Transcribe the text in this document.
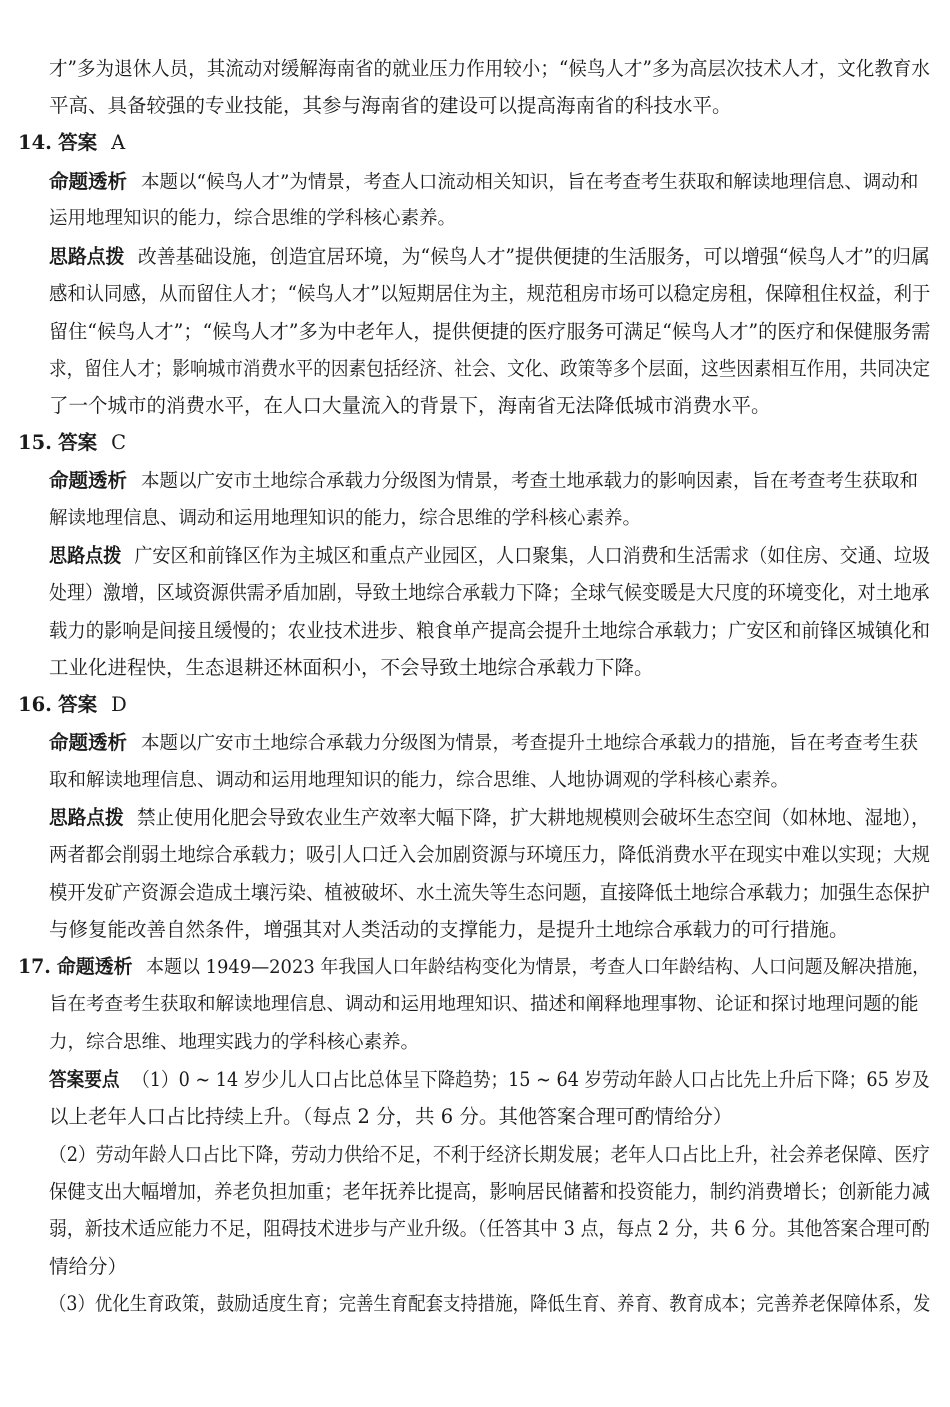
才”多为退休人员，其流动对缓解海南省的就业压力作用较小；“候鸟人才”多为高层次技术人才，文化教育水
平高、具备较强的专业技能，其参与海南省的建设可以提高海南省的科技水平。
14. 答案 A
命题透析 本题以“候鸟人才”为情景，考查人口流动相关知识，旨在考查考生获取和解读地理信息、调动和
运用地理知识的能力，综合思维的学科核心素养。
思路点拨 改善基础设施，创造宜居环境，为“候鸟人才”提供便捷的生活服务，可以增强“候鸟人才”的归属
感和认同感，从而留住人才；“候鸟人才”以短期居住为主，规范租房市场可以稳定房租，保障租住权益，利于
留住“候鸟人才”；“候鸟人才”多为中老年人，提供便捷的医疗服务可满足“候鸟人才”的医疗和保健服务需
求，留住人才；影响城市消费水平的因素包括经济、社会、文化、政策等多个层面，这些因素相互作用，共同决定
了一个城市的消费水平，在人口大量流入的背景下，海南省无法降低城市消费水平。
15. 答案 C
命题透析 本题以广安市土地综合承载力分级图为情景，考查土地承载力的影响因素，旨在考查考生获取和
解读地理信息、调动和运用地理知识的能力，综合思维的学科核心素养。
思路点拨 广安区和前锋区作为主城区和重点产业园区，人口聚集，人口消费和生活需求（如住房、交通、垃圾
处理）激增，区域资源供需矛盾加剧，导致土地综合承载力下降；全球气候变暖是大尺度的环境变化，对土地承
载力的影响是间接且缓慢的；农业技术进步、粮食单产提高会提升土地综合承载力；广安区和前锋区城镇化和
工业化进程快，生态退耕还林面积小，不会导致土地综合承载力下降。
16. 答案 D
命题透析 本题以广安市土地综合承载力分级图为情景，考查提升土地综合承载力的措施，旨在考查考生获
取和解读地理信息、调动和运用地理知识的能力，综合思维、人地协调观的学科核心素养。
思路点拨 禁止使用化肥会导致农业生产效率大幅下降，扩大耕地规模则会破坏生态空间（如林地、湿地），
两者都会削弱土地综合承载力；吸引人口迁入会加剧资源与环境压力，降低消费水平在现实中难以实现；大规
模开发矿产资源会造成土壤污染、植被破坏、水土流失等生态问题，直接降低土地综合承载力；加强生态保护
与修复能改善自然条件，增强其对人类活动的支撑能力，是提升土地综合承载力的可行措施。
17. 命题透析 本题以 1949—2023 年我国人口年龄结构变化为情景，考查人口年龄结构、人口问题及解决措施，
旨在考查考生获取和解读地理信息、调动和运用地理知识、描述和阐释地理事物、论证和探讨地理问题的能
力，综合思维、地理实践力的学科核心素养。
答案要点 （1）0 ~ 14 岁少儿人口占比总体呈下降趋势；15 ~ 64 岁劳动年龄人口占比先上升后下降；65 岁及
以上老年人口占比持续上升。（每点 2 分，共 6 分。其他答案合理可酌情给分）
（2）劳动年龄人口占比下降，劳动力供给不足，不利于经济长期发展；老年人口占比上升，社会养老保障、医疗
保健支出大幅增加，养老负担加重；老年抚养比提高，影响居民储蓄和投资能力，制约消费增长；创新能力减
弱，新技术适应能力不足，阻碍技术进步与产业升级。（任答其中 3 点，每点 2 分，共 6 分。其他答案合理可酌
情给分）
（3）优化生育政策，鼓励适度生育；完善生育配套支持措施，降低生育、养育、教育成本；完善养老保障体系，发
